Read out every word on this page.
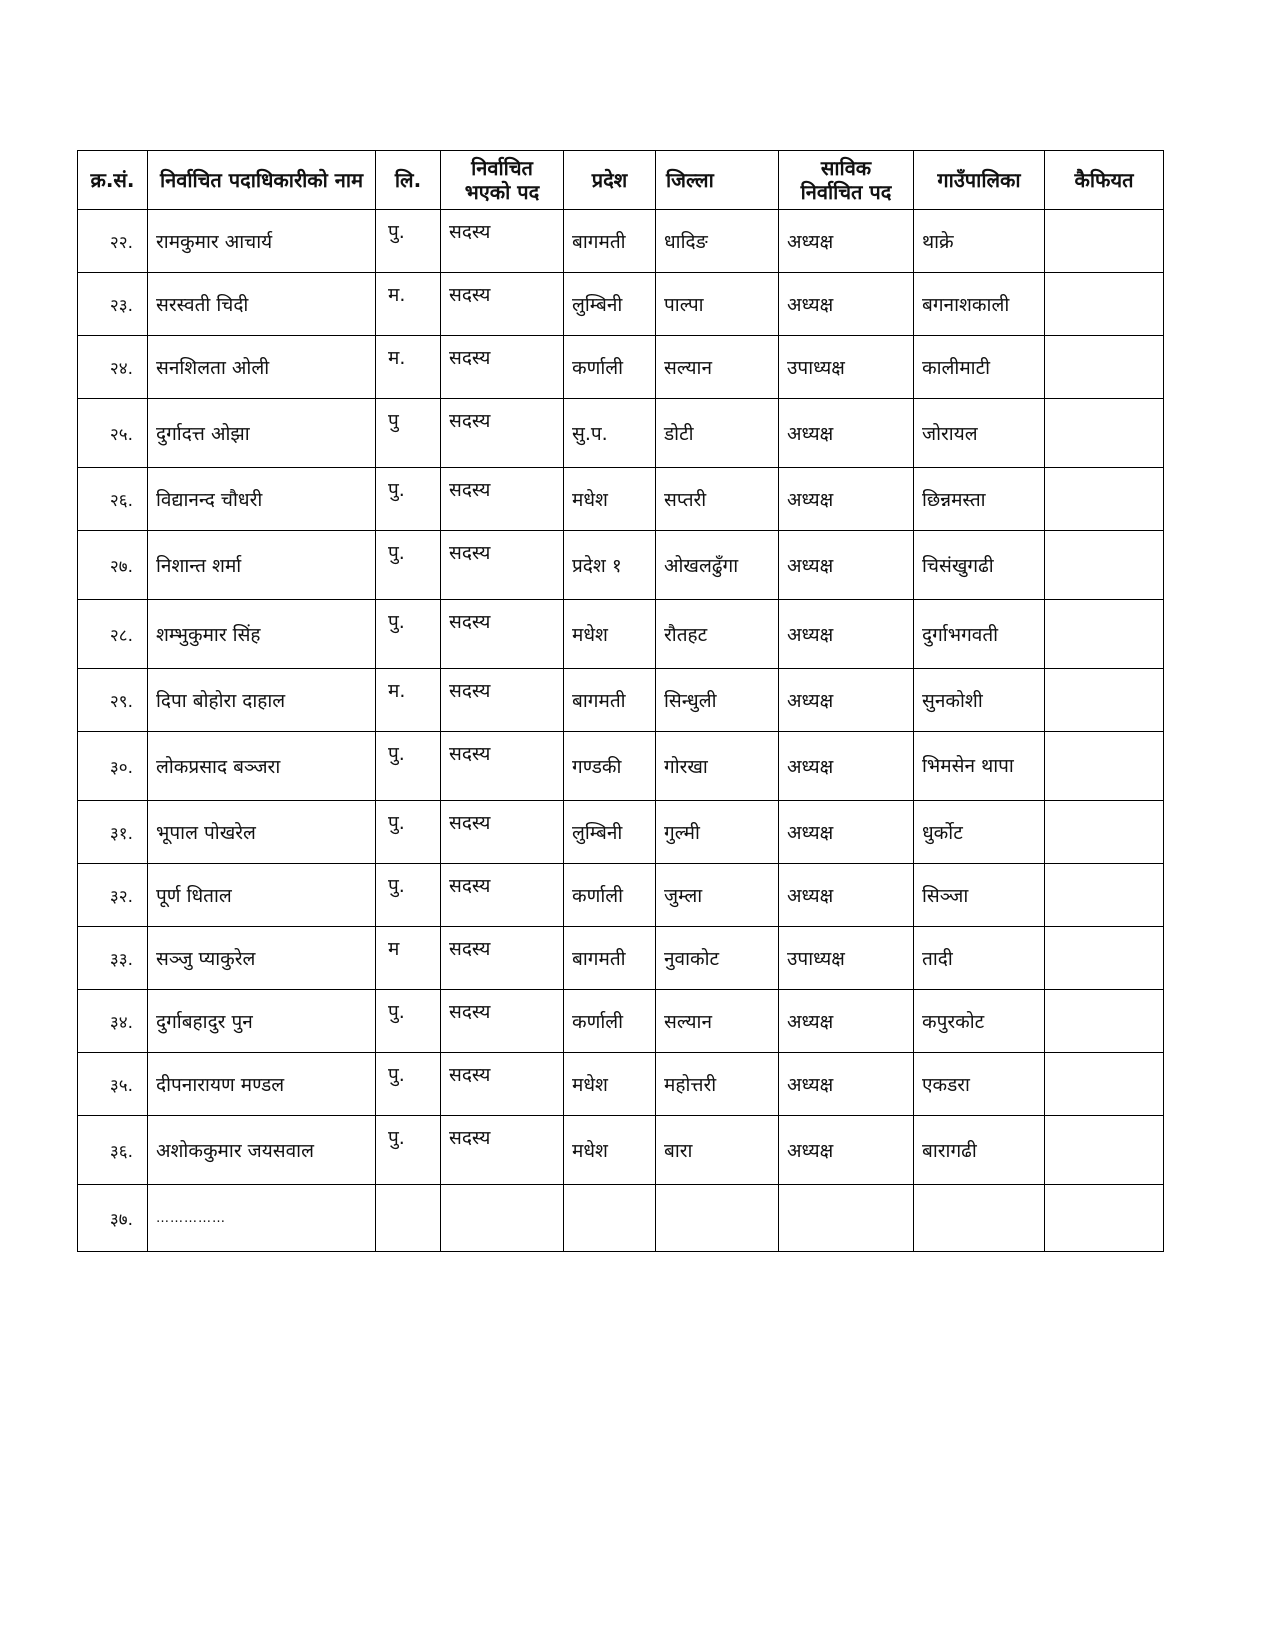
क्र.सं.	निर्वाचित पदाधिकारीको नाम	लि.	निर्वाचित भएको पद	प्रदेश	जिल्ला	साविक निर्वाचित पद	गाउँपालिका	कैफियत
२२.	रामकुमार आचार्य	पु.	सदस्य	बागमती	धादिङ	अध्यक्ष	थाक्रे	
२३.	सरस्वती चिदी	म.	सदस्य	लुम्बिनी	पाल्पा	अध्यक्ष	बगनाशकाली	
२४.	सनशिलता ओली	म.	सदस्य	कर्णाली	सल्यान	उपाध्यक्ष	कालीमाटी	
२५.	दुर्गादत्त ओझा	पु	सदस्य	सु.प.	डोटी	अध्यक्ष	जोरायल	
२६.	विद्यानन्द चौधरी	पु.	सदस्य	मधेश	सप्तरी	अध्यक्ष	छिन्नमस्ता	
२७.	निशान्त शर्मा	पु.	सदस्य	प्रदेश १	ओखलढुँगा	अध्यक्ष	चिसंखुगढी	
२८.	शम्भुकुमार सिंह	पु.	सदस्य	मधेश	रौतहट	अध्यक्ष	दुर्गाभगवती	
२९.	दिपा बोहोरा दाहाल	म.	सदस्य	बागमती	सिन्धुली	अध्यक्ष	सुनकोशी	
३०.	लोकप्रसाद बञ्जरा	पु.	सदस्य	गण्डकी	गोरखा	अध्यक्ष	भिमसेन थापा	
३१.	भूपाल पोखरेल	पु.	सदस्य	लुम्बिनी	गुल्मी	अध्यक्ष	धुर्कोट	
३२.	पूर्ण धिताल	पु.	सदस्य	कर्णाली	जुम्ला	अध्यक्ष	सिञ्जा	
३३.	सञ्जु प्याकुरेल	म	सदस्य	बागमती	नुवाकोट	उपाध्यक्ष	तादी	
३४.	दुर्गाबहादुर पुन	पु.	सदस्य	कर्णाली	सल्यान	अध्यक्ष	कपुरकोट	
३५.	दीपनारायण मण्डल	पु.	सदस्य	मधेश	महोत्तरी	अध्यक्ष	एकडरा	
३६.	अशोककुमार जयसवाल	पु.	सदस्य	मधेश	बारा	अध्यक्ष	बारागढी	
३७.	……………							
